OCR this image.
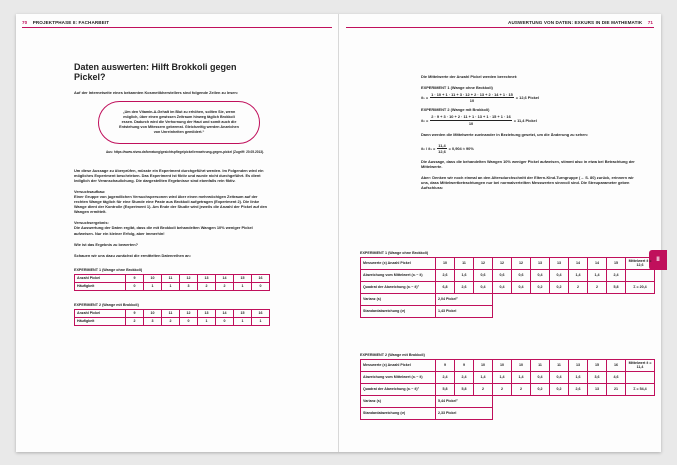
70 PROJEKTPHASE II: FACHARBEIT	AUSWERTUNG VON DATEN: EXKURS IN DIE MATHEMATIK 71
II
Daten auswerten: Hilft Brokkoli gegen Pickel?
Auf der Internetseite eines bekannten Kosmetikherstellers sind folgende Zeilen zu lesen:
„Um den Vitamin-A-Gehalt im Blut zu erhöhen, sollten Sie, wenn möglich, über einen gewissen Zeitraum hinweg täglich Brokkoli essen. Dadurch wird die Verhornung der Haut und somit auch die Entstehung von Mitessern gebremst. Gleichzeitig werden Anzeichen von Unreinheiten gemildert.“
Aus: https://www.nivea.de/beratung/gesichtspflege/pickel/ernaehrung-gegen-pickel (Zugriff: 20.05.2013).
Um diese Aussage zu überprüfen, müsste ein Experiment durchgeführt werden. Im Folgenden wird ein mögliches Experiment beschrieben. Das Experiment ist fiktiv und wurde nicht durchgeführt. Es dient lediglich der Veranschaulichung. Die dargestellten Ergebnisse sind ebenfalls rein fiktiv.
Versuchsaufbau:
Einer Gruppe von jugendlichen Versuchspersonen wird über einen mehrwöchigen Zeitraum auf der rechten Wange täglich für eine Stunde eine Paste aus Brokkoli aufgetragen (Experiment 2). Die linke Wange dient der Kontrolle (Experiment 1). Am Ende der Studie wird jeweils die Anzahl der Pickel auf den Wangen ermittelt.
Versuchsergebnis:
Die Auswertung der Daten ergibt, dass die mit Brokkoli behandelten Wangen 10% weniger Pickel aufweisen. Nur ein kleiner Erfolg, aber immerhin!
Wie ist das Ergebnis zu bewerten?
Schauen wir uns dazu zunächst die ermittelten Datenreihen an:
EXPERIMENT 1 (Wange ohne Brokkoli)
Anzahl Pickel	9	10	11	12	13	14	15	16
Häufigkeit	0	1	1	3	2	2	1	0
EXPERIMENT 2 (Wange mit Brokkoli)
Anzahl Pickel	9	10	11	12	13	14	15	16
Häufigkeit	2	3	2	0	1	0	1	1
Die Mittelwerte der Anzahl Pickel werden berechnet:
EXPERIMENT 1 (Wange ohne Brokkoli)
x̄₁ = $\frac{1 \cdot 10 + 1 \cdot 11 + 3 \cdot 12 + 2 \cdot 13 + 2 \cdot 14 + 1 \cdot 15}{10} = 12,6$ Pickel
EXPERIMENT 2 (Wange mit Brokkoli)
x̄₂ = $\frac{2 \cdot 9 + 3 \cdot 10 + 2 \cdot 11 + 1 \cdot 13 + 1 \cdot 15 + 1 \cdot 16}{10} = 11,4$ Pickel
Dann werden die Mittelwerte zueinander in Beziehung gesetzt, um die Änderung zu sehen:
x̄₂ / x̄₁ = $\frac{11,4}{12,6} = 0,904 \approx 90\%$
Die Aussage, dass die behandelten Wangen 10% weniger Pickel aufweisen, stimmt also in etwa bei Betrachtung der Mittelwerte.
Aber: Denken wir noch einmal an den Altersdurchschnitt der Eltern-Kind-Turngruppe (→ S. 80) zurück, erinnern wir uns, dass Mittelwertbetrachtungen nur bei normalverteilten Messwerten sinnvoll sind. Die Streuparameter geben Aufschluss:
EXPERIMENT 1 (Wange ohne Brokkoli)
Messwerte (x) Anzahl Pickel	10	11	12	12	12	13	13	14	14	15	Mittelwert x̄ = 12,6
Abweichung vom Mittelwert (xᵢ − x̄)	2,6	1,6	0,6	0,6	0,6	0,4	0,4	1,4	1,4	2,4	
Quadrat der Abweichung (xᵢ − x̄)²	6,8	2,6	0,4	0,4	0,4	0,2	0,2	2	2	5,8	Σ = 20,4
Varianz (s)	2,04 Pickel²										
Standardabweichung (σ)	1,43 Pickel										
EXPERIMENT 2 (Wange mit Brokkoli)
Messwerte (x) Anzahl Pickel	9	9	10	10	10	11	11	13	15	16	Mittelwert x̄ = 11,4
Abweichung vom Mittelwert (xᵢ − x̄)	2,4	2,4	1,4	1,4	1,4	0,4	0,4	1,6	3,6	4,6	
Quadrat der Abweichung (xᵢ − x̄)²	5,8	5,8	2	2	2	0,2	0,2	2,6	13	21	Σ = 54,4
Varianz (s)	5,44 Pickel²										
Standardabweichung (σ)	2,33 Pickel										
